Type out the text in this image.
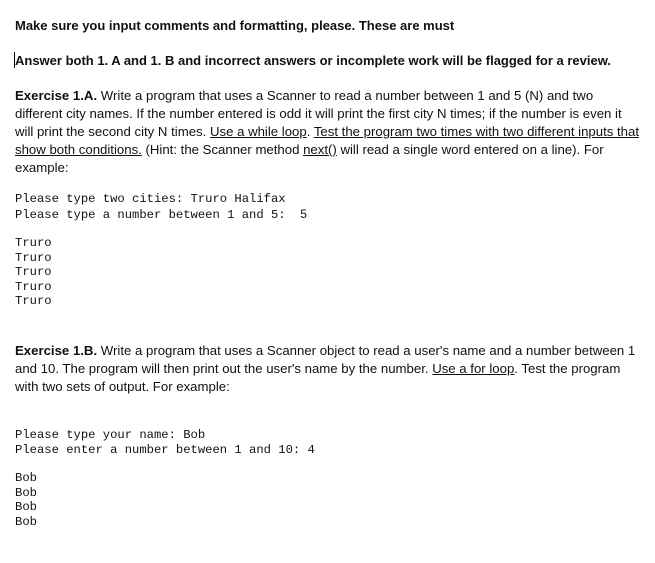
Make sure you input comments and formatting, please. These are must
Answer both 1. A and 1. B and incorrect answers or incomplete work will be flagged for a review.
Exercise 1.A. Write a program that uses a Scanner to read a number between 1 and 5 (N) and two different city names. If the number entered is odd it will print the first city N times; if the number is even it will print the second city N times. Use a while loop. Test the program two times with two different inputs that show both conditions. (Hint: the Scanner method next() will read a single word entered on a line). For example:
Please type two cities: Truro Halifax
Please type a number between 1 and 5:  5
Truro
Truro
Truro
Truro
Truro
Exercise 1.B. Write a program that uses a Scanner object to read a user's name and a number between 1 and 10. The program will then print out the user's name by the number. Use a for loop. Test the program with two sets of output. For example:
Please type your name: Bob
Please enter a number between 1 and 10: 4
Bob
Bob
Bob
Bob
